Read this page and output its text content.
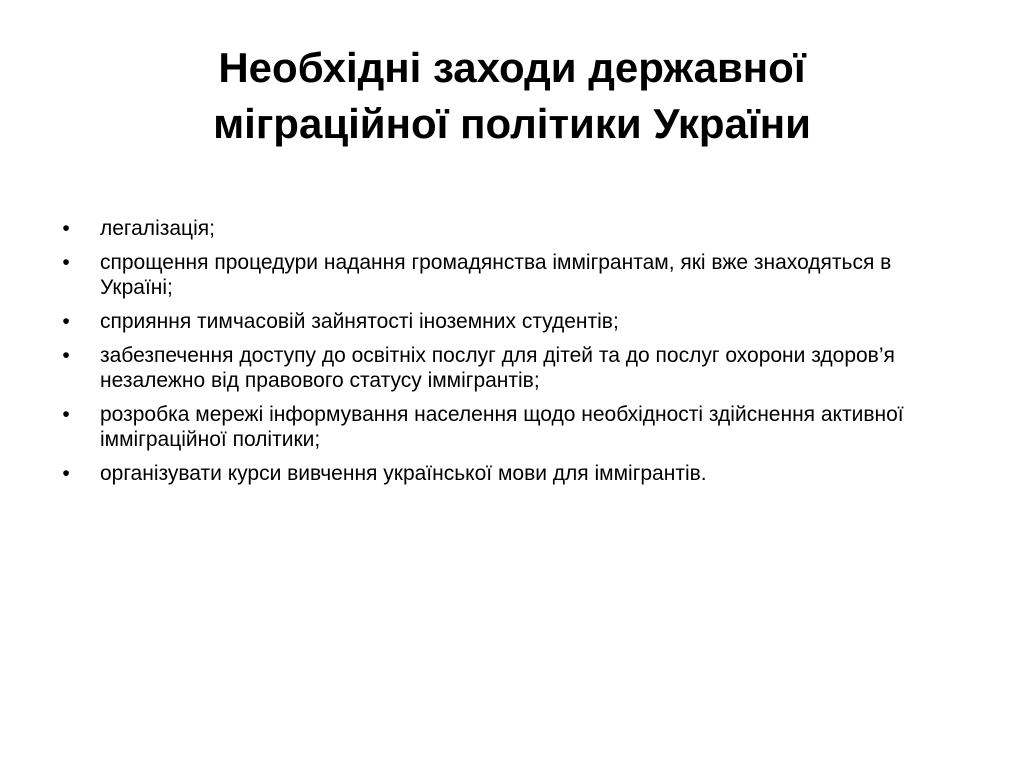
Необхідні заходи державної
міграційної політики України
• легалізація;
• спрощення процедури надання громадянства іммігрантам, які вже знаходяться в Україні;
• сприяння тимчасовій зайнятості іноземних студентів;
• забезпечення доступу до освітніх послуг для дітей та до послуг охорони здоров’я незалежно від правового статусу іммігрантів;
• розробка мережі інформування населення щодо необхідності здійснення активної імміграційної політики;
• організувати курси вивчення української мови для іммігрантів.
